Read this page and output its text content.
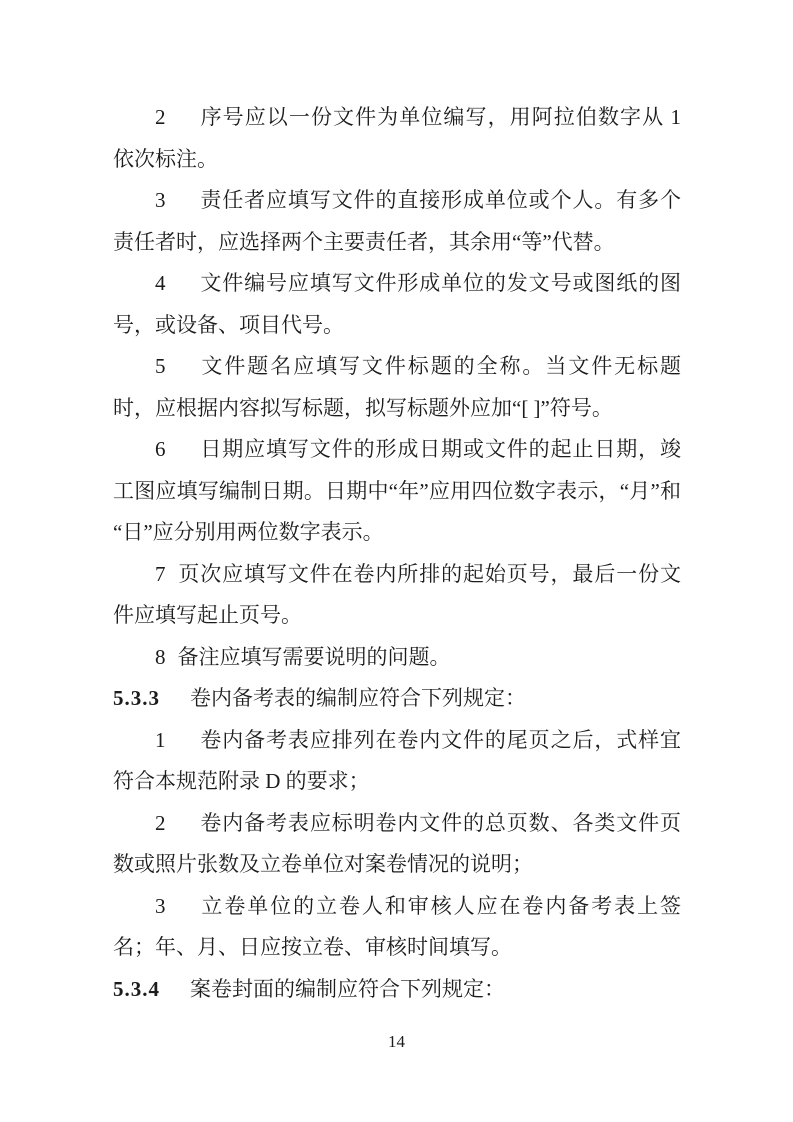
2 序号应以一份文件为单位编写，用阿拉伯数字从 1 依次标注。

3 责任者应填写文件的直接形成单位或个人。有多个责任者时，应选择两个主要责任者，其余用“等”代替。

4 文件编号应填写文件形成单位的发文号或图纸的图号，或设备、项目代号。

5 文件题名应填写文件标题的全称。当文件无标题时，应根据内容拟写标题，拟写标题外应加“[ ]”符号。

6 日期应填写文件的形成日期或文件的起止日期，竣工图应填写编制日期。日期中“年”应用四位数字表示，“月”和“日”应分别用两位数字表示。

7 页次应填写文件在卷内所排的起始页号，最后一份文件应填写起止页号。

8 备注应填写需要说明的问题。

5.3.3 卷内备考表的编制应符合下列规定：

1 卷内备考表应排列在卷内文件的尾页之后，式样宜符合本规范附录 D 的要求；

2 卷内备考表应标明卷内文件的总页数、各类文件页数或照片张数及立卷单位对案卷情况的说明；

3 立卷单位的立卷人和审核人应在卷内备考表上签名；年、月、日应按立卷、审核时间填写。

5.3.4 案卷封面的编制应符合下列规定：

14
